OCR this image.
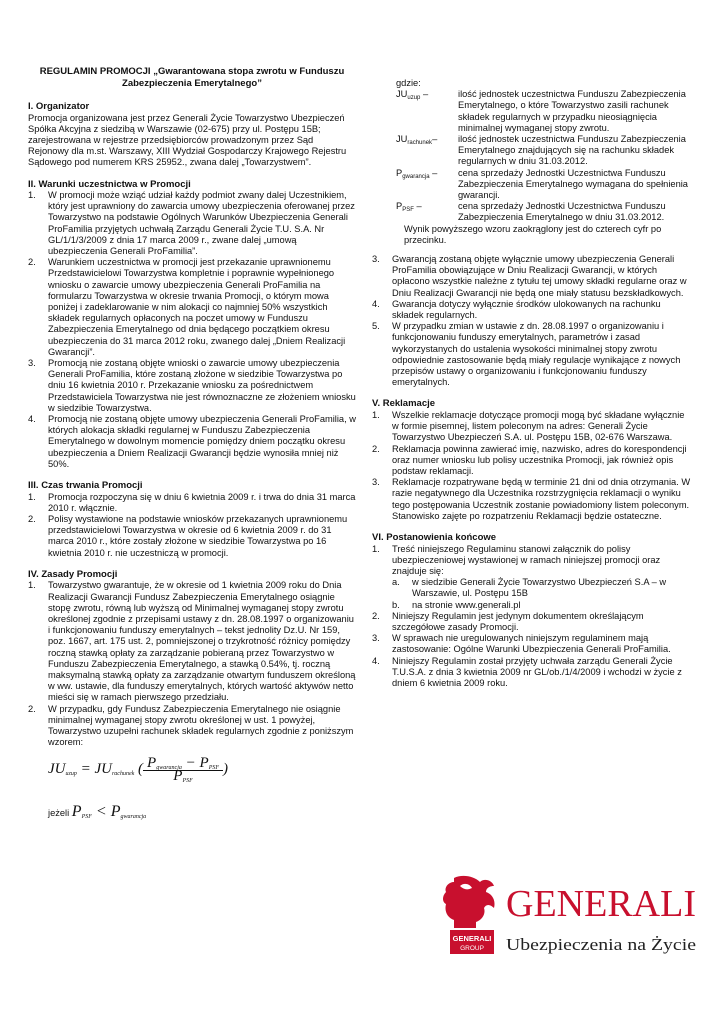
REGULAMIN PROMOCJI „Gwarantowana stopa zwrotu w Funduszu Zabezpieczenia Emerytalnego”
I. Organizator

Promocja organizowana jest przez Generali Życie Towarzystwo Ubezpieczeń Spółka Akcyjna z siedzibą w Warszawie (02-675) przy ul. Postępu 15B; zarejestrowana w rejestrze przedsiębiorców prowadzonym przez Sąd Rejonowy dla m.st. Warszawy, XIII Wydział Gospodarczy Krajowego Rejestru Sądowego pod numerem KRS 25952., zwana dalej „Towarzystwem”.

II. Warunki uczestnictwa w Promocji
1. W promocji może wziąć udział każdy podmiot zwany dalej Uczestnikiem, który jest uprawniony do zawarcia umowy ubezpieczenia oferowanej przez Towarzystwo na podstawie Ogólnych Warunków Ubezpieczenia Generali ProFamilia przyjętych uchwałą Zarządu Generali Życie T.U. S.A. Nr GL/1/1/3/2009 z dnia 17 marca 2009 r., zwane dalej „umową ubezpieczenia Generali ProFamilia”.
2. Warunkiem uczestnictwa w promocji jest przekazanie uprawnionemu Przedstawicielowi Towarzystwa kompletnie i poprawnie wypełnionego wniosku o zawarcie umowy ubezpieczenia Generali ProFamilia na formularzu Towarzystwa w okresie trwania Promocji, o którym mowa poniżej i zadeklarowanie w nim alokacji co najmniej 50% wszystkich składek regularnych opłaconych na poczet umowy w Funduszu Zabezpieczenia Emerytalnego od dnia będącego początkiem okresu ubezpieczenia do 31 marca 2012 roku, zwanego dalej „Dniem Realizacji Gwarancji”.
3. Promocją nie zostaną objęte wnioski o zawarcie umowy ubezpieczenia Generali ProFamilia, które zostaną złożone w siedzibie Towarzystwa po dniu 16 kwietnia 2010 r. Przekazanie wniosku za pośrednictwem Przedstawiciela Towarzystwa nie jest równoznaczne ze złożeniem wniosku w siedzibie Towarzystwa.
4. Promocją nie zostaną objęte umowy ubezpieczenia Generali ProFamilia, w których alokacja składki regularnej w Funduszu Zabezpieczenia Emerytalnego w dowolnym momencie pomiędzy dniem początku okresu ubezpieczenia a Dniem Realizacji Gwarancji będzie wynosiła mniej niż 50%.
III. Czas trwania Promocji
1. Promocja rozpoczyna się w dniu 6 kwietnia 2009 r. i trwa do dnia 31 marca 2010 r. włącznie.
2. Polisy wystawione na podstawie wniosków przekazanych uprawnionemu przedstawicielowi Towarzystwa w okresie od 6 kwietnia 2009 r. do 31 marca 2010 r., które zostały złożone w siedzibie Towarzystwa po 16 kwietnia 2010 r. nie uczestniczą w promocji.
IV. Zasady Promocji
1. Towarzystwo gwarantuje, że w okresie od 1 kwietnia 2009 roku do Dnia Realizacji Gwarancji Fundusz Zabezpieczenia Emerytalnego osiągnie stopę zwrotu, równą lub wyższą od Minimalnej wymaganej stopy zwrotu określonej zgodnie z przepisami ustawy z dn. 28.08.1997 o organizowaniu i funkcjonowaniu funduszy emerytalnych – tekst jednolity Dz.U. Nr 159, poz. 1667, art. 175 ust. 2, pomniejszonej o trzykrotność różnicy pomiędzy roczną stawką opłaty za zarządzanie pobieraną przez Towarzystwo w Funduszu Zabezpieczenia Emerytalnego, a stawką 0.54%, tj. roczną maksymalną stawką opłaty za zarządzanie otwartym funduszem określoną w ww. ustawie, dla funduszy emerytalnych, których wartość aktywów netto mieści się w ramach pierwszego przedziału.
2. W przypadku, gdy Fundusz Zabezpieczenia Emerytalnego nie osiągnie minimalnej wymaganej stopy zwrotu określonej w ust. 1 powyżej, Towarzystwo uzupełni rachunek składek regularnych zgodnie z poniższym wzorem:
$JU_{uzup} = JU_{rachunek}$ ( $\frac{P_{gwarancja} - P_{PSF}}{P_{PSF}}$ )
jeżeli $P_{PSF} < P_{gwarancja}$

gdzie:

$JU_{uzup}$ –	ilość jednostek uczestnictwa Funduszu Zabezpieczenia Emerytalnego, o które Towarzystwo zasili rachunek składek regularnych w przypadku nieosiągnięcia minimalnej wymaganej stopy zwrotu.
$JU_{rachunek}-$	ilość jednostek uczestnictwa Funduszu Zabezpieczenia Emerytalnego znajdujących się na rachunku składek regularnych w dniu 31.03.2012.
$P_{gwarancja}$ –	cena sprzedaży Jednostki Uczestnictwa Funduszu Zabezpieczenia Emerytalnego wymagana do spełnienia gwarancji.
$P_{PSF}$ –	cena sprzedaży Jednostki Uczestnictwa Funduszu Zabezpieczenia Emerytalnego w dniu 31.03.2012.

Wynik powyższego wzoru zaokrąglony jest do czterech cyfr po przecinku.

3. Gwarancją zostaną objęte wyłącznie umowy ubezpieczenia Generali ProFamilia obowiązujące w Dniu Realizacji Gwarancji, w których opłacono wszystkie należne z tytułu tej umowy składki regularne oraz w Dniu Realizacji Gwarancji nie będą one miały statusu bezskładkowych.
4. Gwarancja dotyczy wyłącznie środków ulokowanych na rachunku składek regularnych.
5. W przypadku zmian w ustawie z dn. 28.08.1997 o organizowaniu i funkcjonowaniu funduszy emerytalnych, parametrów i zasad wykorzystanych do ustalenia wysokości minimalnej stopy zwrotu odpowiednie zastosowanie będą miały regulacje wynikające z nowych przepisów ustawy o organizowaniu i funkcjonowaniu funduszy emerytalnych.
V. Reklamacje
1. Wszelkie reklamacje dotyczące promocji mogą być składane wyłącznie w formie pisemnej, listem poleconym na adres: Generali Życie Towarzystwo Ubezpieczeń S.A. ul. Postępu 15B, 02-676 Warszawa.
2. Reklamacja powinna zawierać imię, nazwisko, adres do korespondencji oraz numer wniosku lub polisy uczestnika Promocji, jak również opis podstaw reklamacji.
3. Reklamacje rozpatrywane będą w terminie 21 dni od dnia otrzymania. W razie negatywnego dla Uczestnika rozstrzygnięcia reklamacji o wyniku tego postępowania Uczestnik zostanie powiadomiony listem poleconym. Stanowisko zajęte po rozpatrzeniu Reklamacji będzie ostateczne.
VI. Postanowienia końcowe
1. Treść niniejszego Regulaminu stanowi załącznik do polisy ubezpieczeniowej wystawionej w ramach niniejszej promocji oraz znajduje się:
a. w siedzibie Generali Życie Towarzystwo Ubezpieczeń S.A – w Warszawie, ul. Postępu 15B
b. na stronie www.generali.pl
2. Niniejszy Regulamin jest jedynym dokumentem określającym szczegółowe zasady Promocji.
3. W sprawach nie uregulowanych niniejszym regulaminem mają zastosowanie: Ogólne Warunki Ubezpieczenia Generali ProFamilia.
4. Niniejszy Regulamin został przyjęty uchwała zarządu Generali Życie T.U.S.A. z dnia 3 kwietnia 2009 nr GL/ob./1/4/2009 i wchodzi w życie z dniem 6 kwietnia 2009 roku.
GENERALI
GROUP
GENERALI
Ubezpieczenia na Życie
